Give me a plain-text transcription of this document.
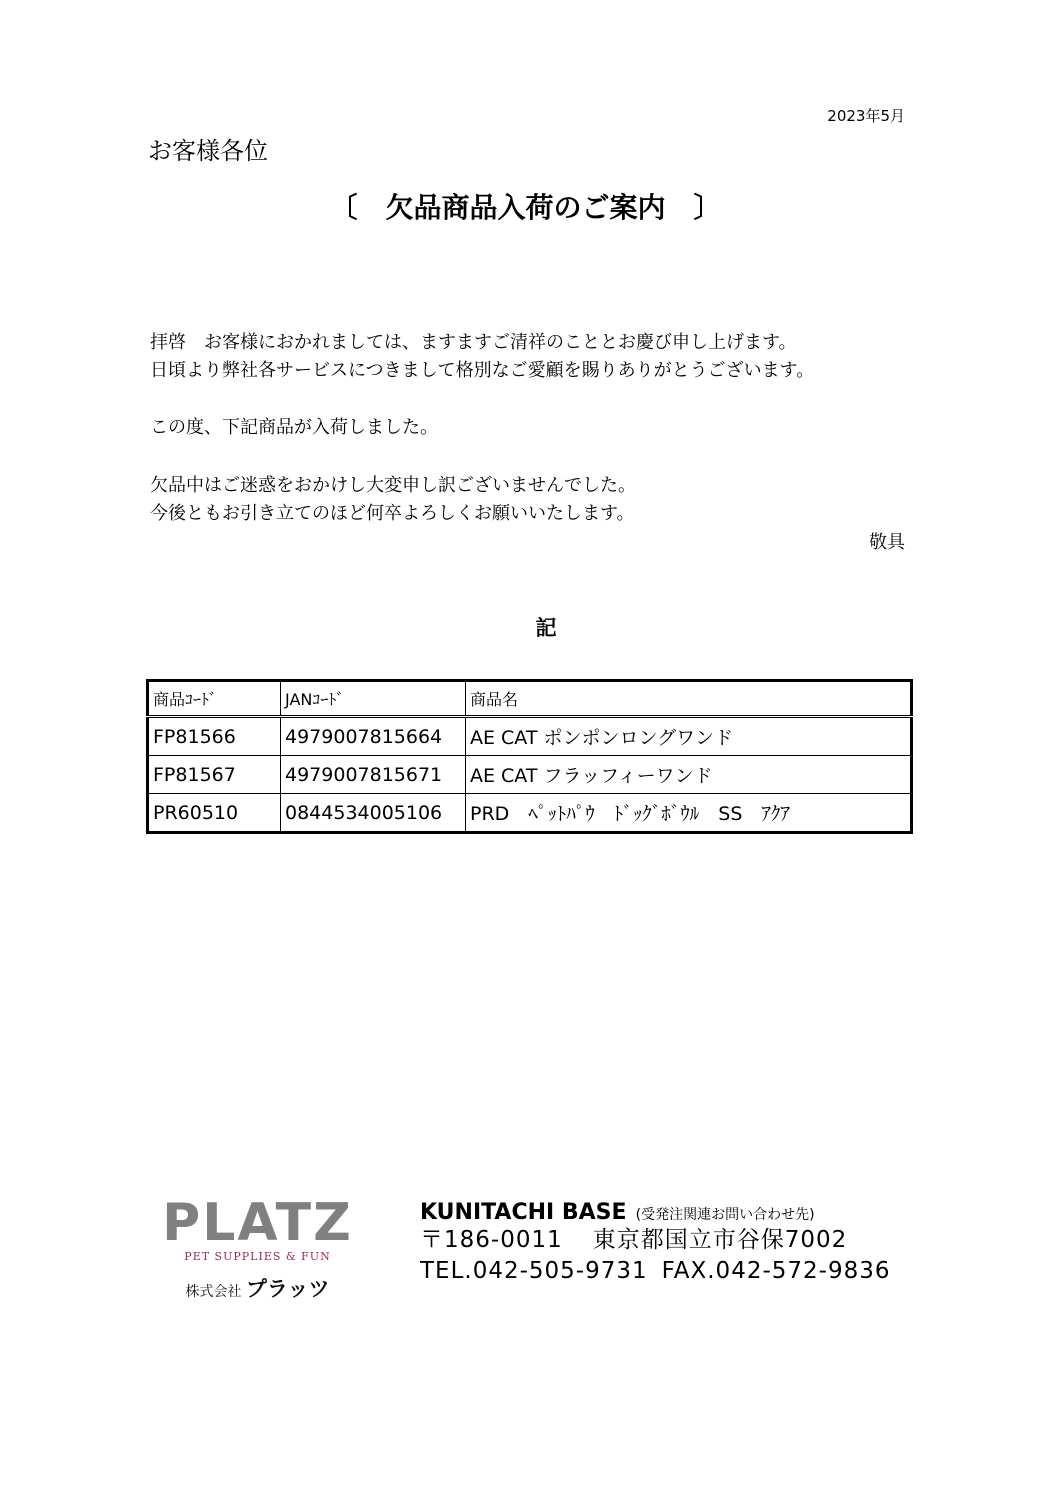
2023年5月
お客様各位
〔　欠品商品入荷のご案内　〕
拝啓　お客様におかれましては、ますますご清祥のこととお慶び申し上げます。
日頃より弊社各サービスにつきまして格別なご愛顧を賜りありがとうございます。
この度、下記商品が入荷しました。
欠品中はご迷惑をおかけし大変申し訳ございませんでした。
今後ともお引き立てのほど何卒よろしくお願いいたします。
敬具
記
商品ｺｰﾄﾞ	JANｺｰﾄﾞ	商品名
FP81566	4979007815664	AE CAT ポンポンロングワンド
FP81567	4979007815671	AE CAT フラッフィーワンド
PR60510	0844534005106	PRD　ﾍﾟｯﾄﾊﾟｳ　ﾄﾞｯｸﾞﾎﾞｳﾙ　SS　ｱｸｱ
PLATZ
PET SUPPLIES & FUN
株式会社 プラッツ
KUNITACHI BASE (受発注関連お問い合わせ先)
〒186-0011 東京都国立市谷保7002
TEL.042-505-9731 FAX.042-572-9836
